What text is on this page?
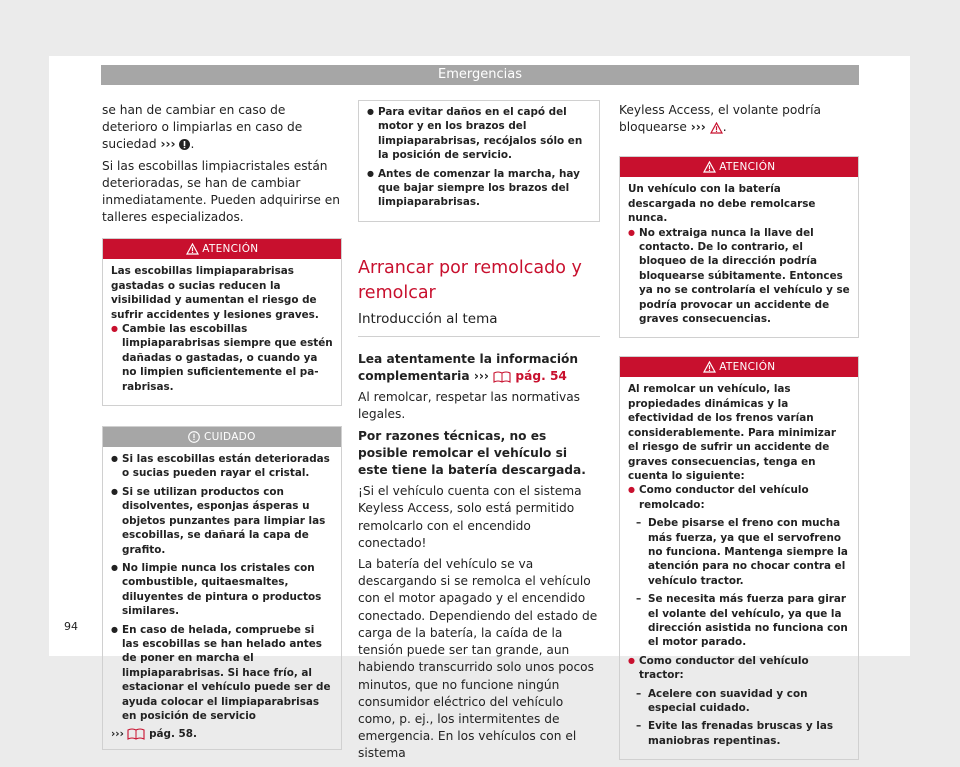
Emergencias

se han de cambiar en caso de deterioro o limpiarlas en caso de suciedad ››› .

Si las escobillas limpiacristales están deterioradas, se han de cambiar inmediatamente. Pueden adquirirse en talleres especializados.

ATENCIÓN

Las escobillas limpiaparabrisas gastadas o sucias reducen la visibilidad y aumentan el riesgo de sufrir accidentes y lesiones graves.

● Cambie las escobillas limpiaparabrisas siempre que estén dañadas o gastadas, o cuando ya no limpien suficientemente el parabrisas.

CUIDADO

● Si las escobillas están deterioradas o sucias pueden rayar el cristal.

● Si se utilizan productos con disolventes, esponjas ásperas u objetos punzantes para limpiar las escobillas, se dañará la capa de grafito.

● No limpie nunca los cristales con combustible, quitaesmaltes, diluyentes de pintura o productos similares.

● En caso de helada, compruebe si las escobillas se han helado antes de poner en marcha el limpiaparabrisas. Si hace frío, al estacionar el vehículo puede ser de ayuda colocar el limpiaparabrisas en posición de servicio

››› pág. 58.

● Para evitar daños en el capó del motor y en los brazos del limpiaparabrisas, recójalos sólo en la posición de servicio.

● Antes de comenzar la marcha, hay que bajar siempre los brazos del limpiaparabrisas.

Arrancar por remolcado y remolcar

Introducción al tema

Lea atentamente la información complementaria ››› pág. 54

Al remolcar, respetar las normativas legales.

Por razones técnicas, no es posible remolcar el vehículo si este tiene la batería descargada.

¡Si el vehículo cuenta con el sistema Keyless Access, solo está permitido remolcarlo con el encendido conectado!

La batería del vehículo se va descargando si se remolca el vehículo con el motor apagado y el encendido conectado. Dependiendo del estado de carga de la batería, la caída de la tensión puede ser tan grande, aun habiendo transcurrido solo unos pocos minutos, que no funcione ningún consumidor eléctrico del vehículo como, p. ej., los intermitentes de emergencia. En los vehículos con el sistema

Keyless Access, el volante podría bloquearse ››› .

ATENCIÓN

Un vehículo con la batería descargada no debe remolcarse nunca.

● No extraiga nunca la llave del contacto. De lo contrario, el bloqueo de la dirección podría bloquearse súbitamente. Entonces ya no se controlaría el vehículo y se podría provocar un accidente de graves consecuencias.

ATENCIÓN

Al remolcar un vehículo, las propiedades dinámicas y la efectividad de los frenos varían considerablemente. Para minimizar el riesgo de sufrir un accidente de graves consecuencias, tenga en cuenta lo siguiente:

● Como conductor del vehículo remolcado:

– Debe pisarse el freno con mucha más fuerza, ya que el servofreno no funciona. Mantenga siempre la atención para no chocar contra el vehículo tractor.

– Se necesita más fuerza para girar el volante del vehículo, ya que la dirección asistida no funciona con el motor parado.

● Como conductor del vehículo tractor:

– Acelere con suavidad y con especial cuidado.

– Evite las frenadas bruscas y las maniobras repentinas.

94
